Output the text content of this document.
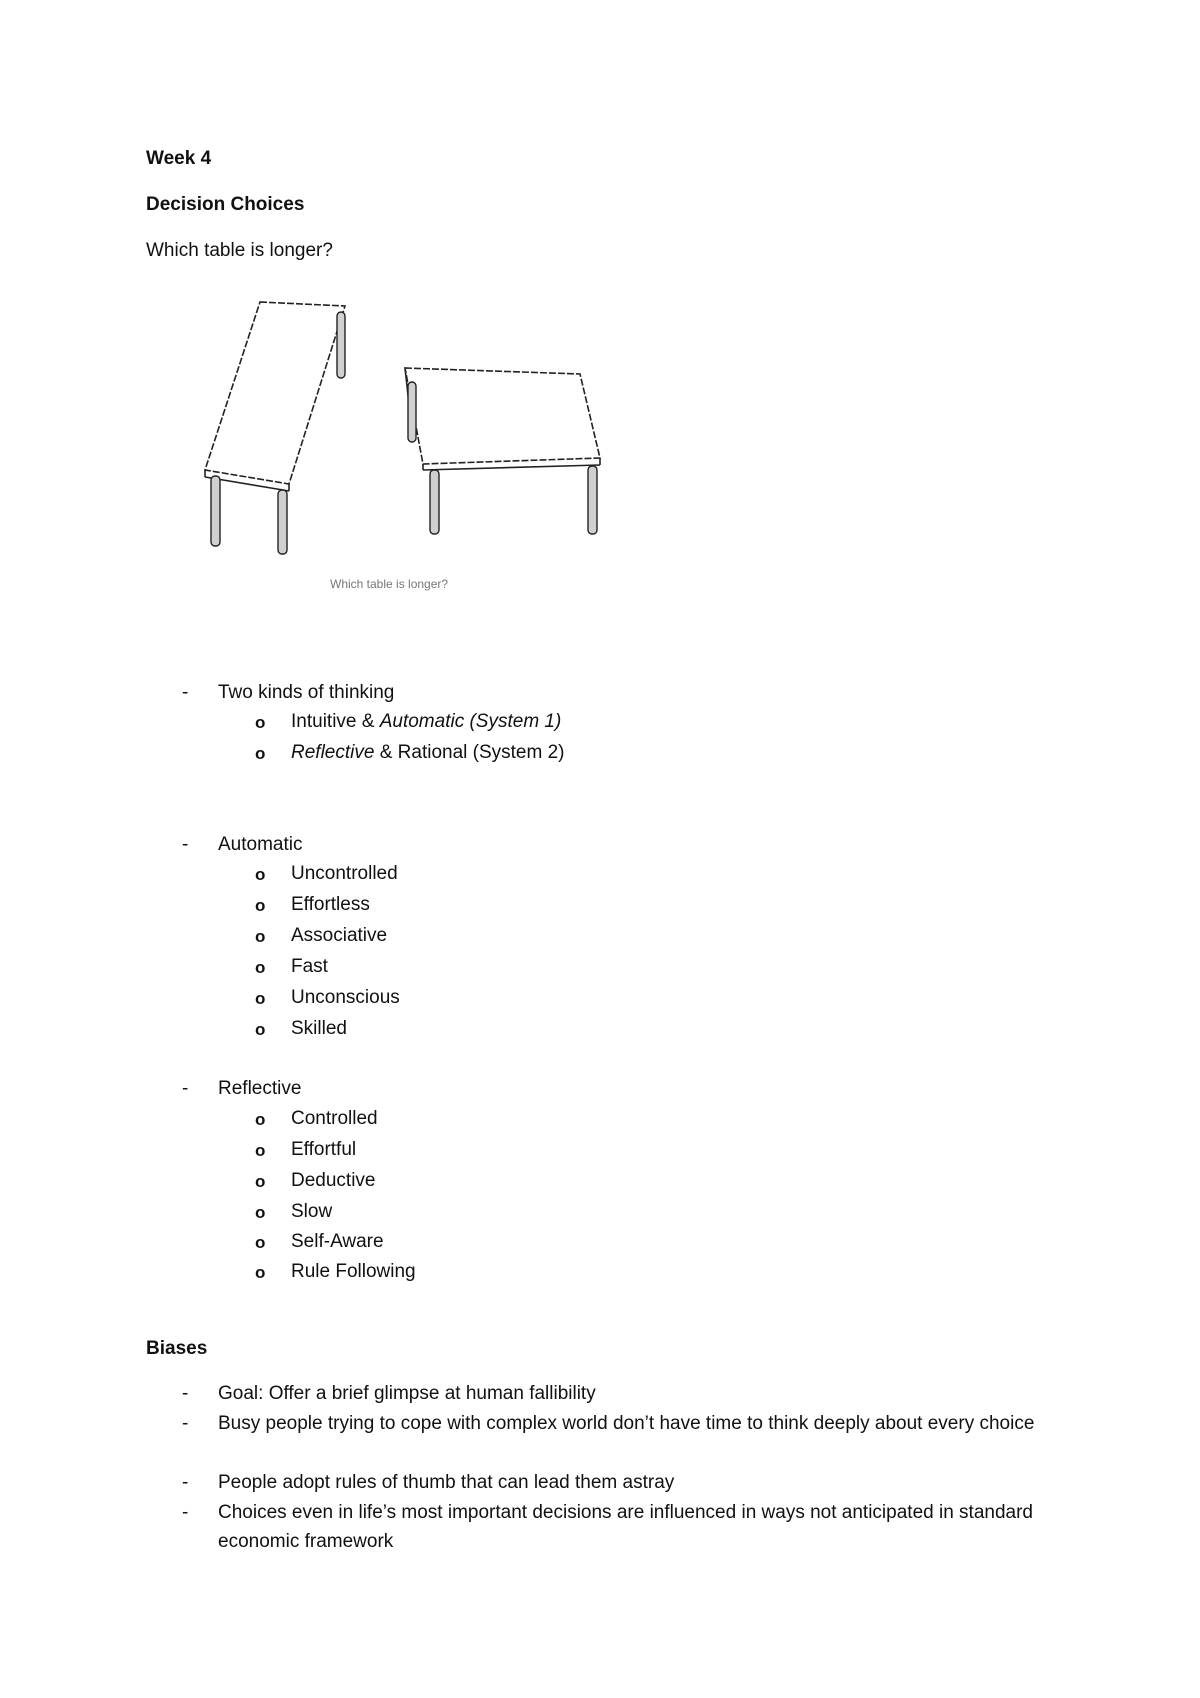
Week 4
Decision Choices
Which table is longer?
Which table is longer?
- Two kinds of thinking
o Intuitive & Automatic (System 1)
o Reflective & Rational (System 2)
- Automatic
o Uncontrolled
o Effortless
o Associative
o Fast
o Unconscious
o Skilled
- Reflective
o Controlled
o Effortful
o Deductive
o Slow
o Self-Aware
o Rule Following
Biases
- Goal: Offer a brief glimpse at human fallibility
- Busy people trying to cope with complex world don’t have time to think deeply about every choice
- People adopt rules of thumb that can lead them astray
- Choices even in life’s most important decisions are influenced in ways not anticipated in standard economic framework
